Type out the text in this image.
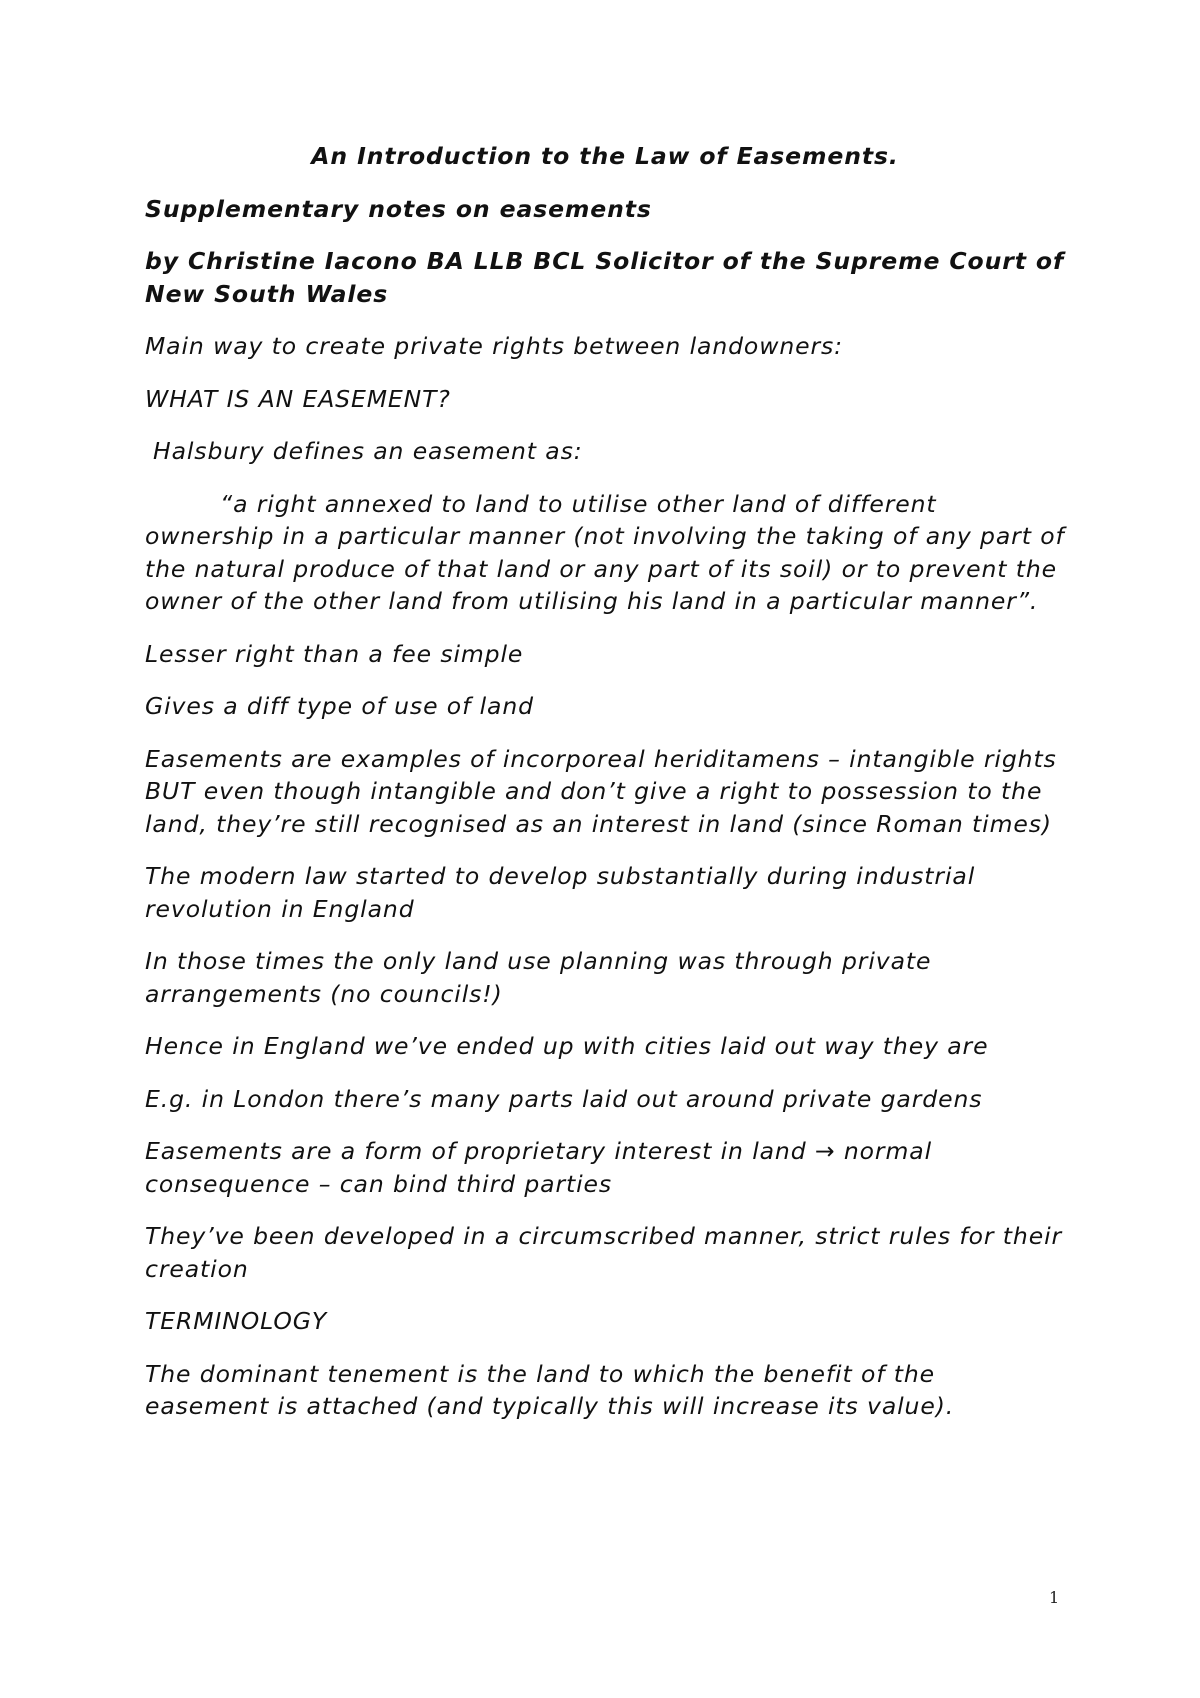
An Introduction to the Law of Easements.

Supplementary notes on easements

by Christine Iacono BA LLB BCL Solicitor of the Supreme Court of New South Wales

Main way to create private rights between landowners:

WHAT IS AN EASEMENT?

Halsbury defines an easement as:

“a right annexed to land to utilise other land of different ownership in a particular manner (not involving the taking of any part of the natural produce of that land or any part of its soil) or to prevent the owner of the other land from utilising his land in a particular manner”.

Lesser right than a fee simple

Gives a diff type of use of land

Easements are examples of incorporeal heriditamens – intangible rights BUT even though intangible and don’t give a right to possession to the land, they’re still recognised as an interest in land (since Roman times)

The modern law started to develop substantially during industrial revolution in England

In those times the only land use planning was through private arrangements (no councils!)

Hence in England we’ve ended up with cities laid out way they are

E.g. in London there’s many parts laid out around private gardens

Easements are a form of proprietary interest in land → normal consequence – can bind third parties

They’ve been developed in a circumscribed manner, strict rules for their creation

TERMINOLOGY

The dominant tenement is the land to which the benefit of the easement is attached (and typically this will increase its value).

1
